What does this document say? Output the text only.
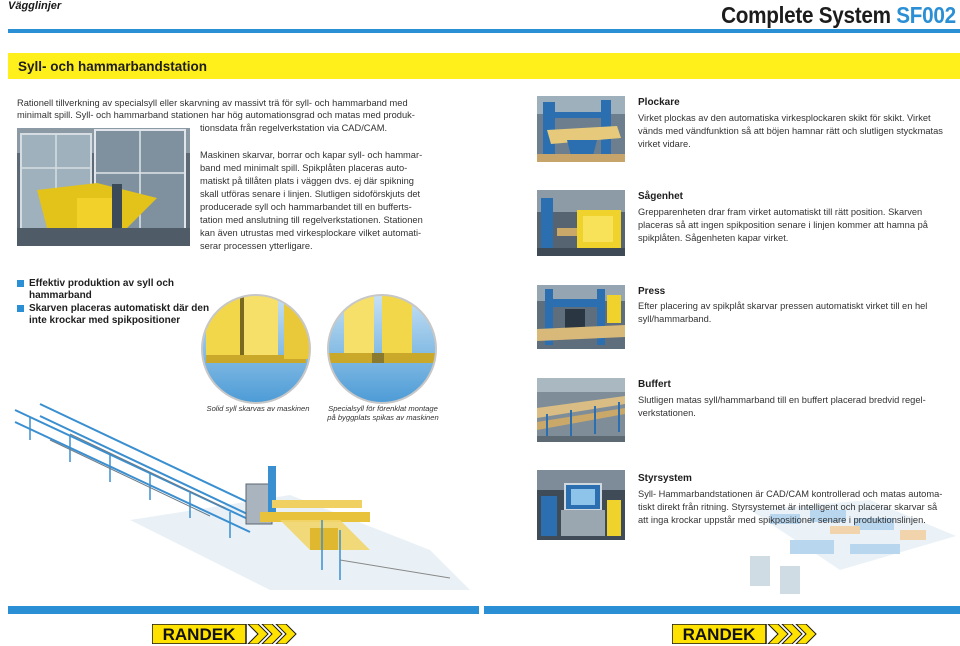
Vägglinjer	Complete System SF002
Syll- och hammarbandstation
Rationell tillverkning av specialsyll eller skarvning av massivt trä för syll- och hammarband med
minimalt spill. Syll- och hammarband stationen har hög automationsgrad och matas med produk-
tionsdata från regelverkstation via CAD/CAM.
Maskinen skarvar, borrar och kapar syll- och hammar-
band med minimalt spill. Spikplåten placeras auto-
matiskt på tillåten plats i väggen dvs. ej där spikning
skall utföras senare i linjen. Slutligen sidoförskjuts det
producerade syll och hammarbandet till en bufferts-
tation med anslutning till regelverkstationen. Stationen
kan även utrustas med virkesplockare vilket automati-
serar processen ytterligare.
Effektiv produktion av syll och hammarband
Skarven placeras automatiskt där den
inte krockar med spikpositioner
Solid syll skarvas av maskinen	Specialsyll för förenklat montage
på byggplats spikas av maskinen
Plockare
Virket plockas av den automatiska virkesplockaren skikt för skikt. Virket
vänds med vändfunktion så att böjen hamnar rätt och slutligen styckmatas
virket vidare.
Sågenhet
Grepparenheten drar fram virket automatiskt till rätt position. Skarven
placeras så att ingen spikposition senare i linjen kommer att hamna på
spikplåten. Sågenheten kapar virket.
Press
Efter placering av spikplåt skarvar pressen automatiskt virket till en hel
syll/hammarband.
Buffert
Slutligen matas syll/hammarband till en buffert placerad bredvid regel-
verkstationen.
Styrsystem
Syll- Hammarbandstationen är CAD/CAM kontrollerad och matas automa-
tiskt direkt från ritning. Styrsystemet är intelligent och placerar skarvar så
att inga krockar uppstår med spikpositioner senare i produktionslinjen.
RANDEK	RANDEK
